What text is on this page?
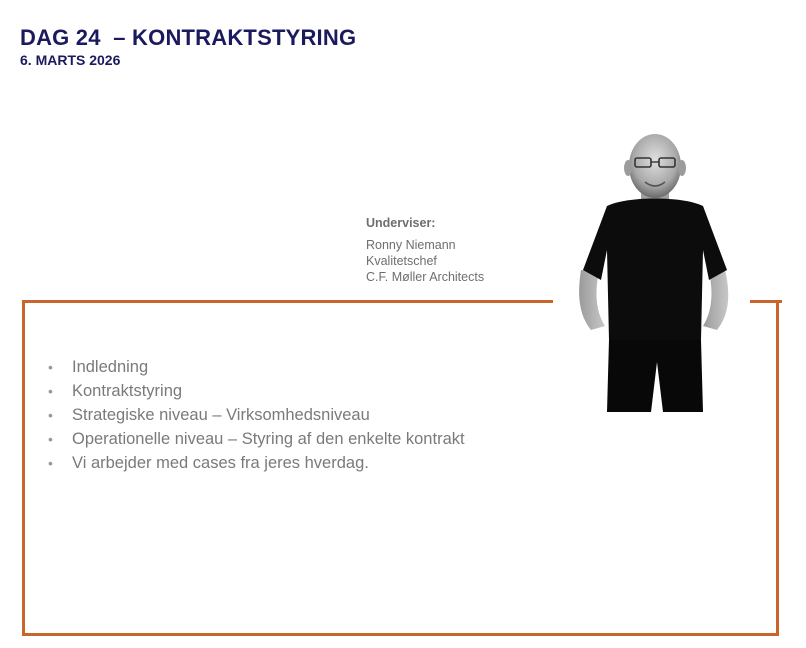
DAG 24  – KONTRAKTSTYRING

6. MARTS 2026

Underviser:
Ronny Niemann
Kvalitetschef
C.F. Møller Architects
• Indledning
• Kontraktstyring
• Strategiske niveau – Virksomhedsniveau
• Operationelle niveau – Styring af den enkelte kontrakt
• Vi arbejder med cases fra jeres hverdag.
